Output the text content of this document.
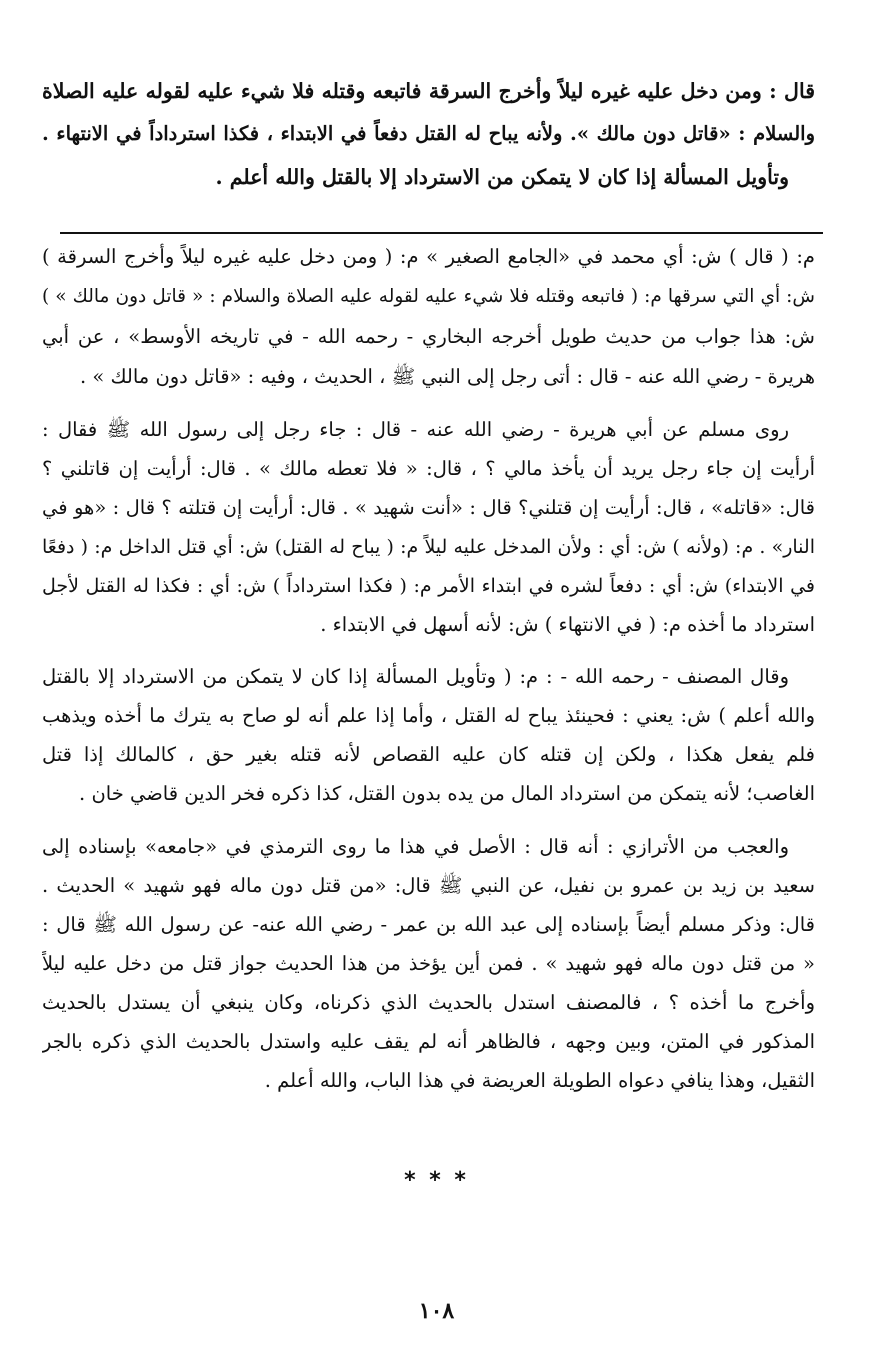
قال : ومن دخل عليه غيره ليلاً وأخرج السرقة فاتبعه وقتله فلا شيء عليه لقوله عليه الصلاة
والسلام : «قاتل دون مالك ». ولأنه يباح له القتل دفعاً في الابتداء ، فكذا استرداداً في الانتهاء .
وتأويل المسألة إذا كان لا يتمكن من الاسترداد إلا بالقتل والله أعلم .
م: ( قال ) ش: أي محمد في «الجامع الصغير » م: ( ومن دخل عليه غيره ليلاً وأخرج السرقة )
ش: أي التي سرقها م: ( فاتبعه وقتله فلا شيء عليه لقوله عليه الصلاة والسلام : « قاتل دون مالك » )
ش: هذا جواب من حديث طويل أخرجه البخاري - رحمه الله - في تاريخه الأوسط» ، عن أبي
هريرة - رضي الله عنه - قال : أتى رجل إلى النبي ﷺ ، الحديث ، وفيه : «قاتل دون مالك » .
روى مسلم عن أبي هريرة - رضي الله عنه - قال : جاء رجل إلى رسول الله ﷺ فقال :
أرأيت إن جاء رجل يريد أن يأخذ مالي ؟ ، قال: « فلا تعطه مالك » . قال: أرأيت إن قاتلني ؟
قال: «قاتله» ، قال: أرأيت إن قتلني؟ قال : «أنت شهيد » . قال: أرأيت إن قتلته ؟ قال : «هو في
النار» . م: (ولأنه ) ش: أي : ولأن المدخل عليه ليلاً م: ( يباح له القتل) ش: أي قتل الداخل م: ( دفعًا
في الابتداء) ش: أي : دفعاً لشره في ابتداء الأمر م: ( فكذا استرداداً ) ش: أي : فكذا له القتل لأجل
استرداد ما أخذه م: ( في الانتهاء ) ش: لأنه أسهل في الابتداء .
وقال المصنف - رحمه الله - : م: ( وتأويل المسألة إذا كان لا يتمكن من الاسترداد إلا بالقتل
والله أعلم ) ش: يعني : فحينئذ يباح له القتل ، وأما إذا علم أنه لو صاح به يترك ما أخذه ويذهب
فلم يفعل هكذا ، ولكن إن قتله كان عليه القصاص لأنه قتله بغير حق ، كالمالك إذا قتل
الغاصب؛ لأنه يتمكن من استرداد المال من يده بدون القتل، كذا ذكره فخر الدين قاضي خان .
والعجب من الأترازي : أنه قال : الأصل في هذا ما روى الترمذي في «جامعه» بإسناده إلى
سعيد بن زيد بن عمرو بن نفيل، عن النبي ﷺ قال: «من قتل دون ماله فهو شهيد » الحديث .
قال: وذكر مسلم أيضاً بإسناده إلى عبد الله بن عمر - رضي الله عنه- عن رسول الله ﷺ قال :
« من قتل دون ماله فهو شهيد » . فمن أين يؤخذ من هذا الحديث جواز قتل من دخل عليه ليلاً
وأخرج ما أخذه ؟ ، فالمصنف استدل بالحديث الذي ذكرناه، وكان ينبغي أن يستدل بالحديث
المذكور في المتن، وبين وجهه ، فالظاهر أنه لم يقف عليه واستدل بالحديث الذي ذكره بالجر
الثقيل، وهذا ينافي دعواه الطويلة العريضة في هذا الباب، والله أعلم .
* * *
١٠٨
